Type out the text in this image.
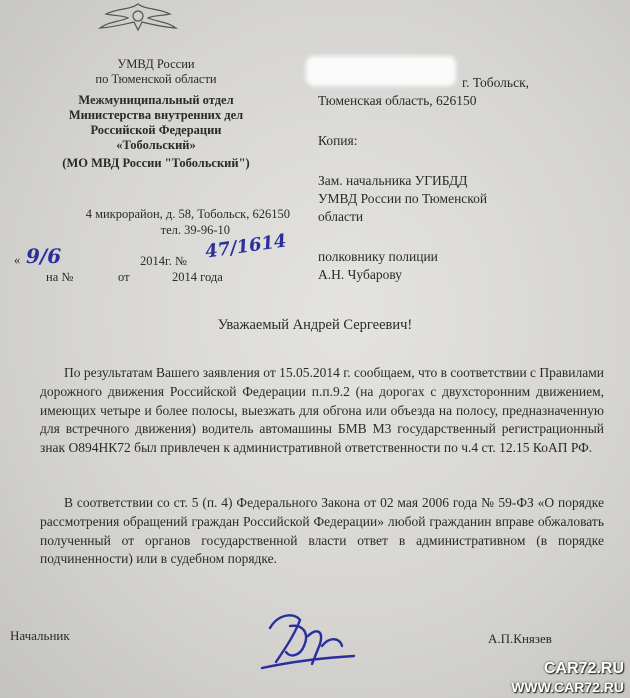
УМВД России
по Тюменской области
Межмуниципальный отдел
Министерства внутренних дел
Российской Федерации
«Тобольский»
(МО МВД России "Тобольский")
4 микрорайон, д. 58, Тобольск, 626150
тел. 39-96-10
9/6	47/1614
«	2014г. №
на №	от	2014 года
г. Тобольск,
Тюменская область, 626150
Копия:
Зам. начальника УГИБДД
УМВД России по Тюменской
области
полковнику полиции
А.Н. Чубарову
Уважаемый Андрей Сергеевич!
По результатам Вашего заявления от 15.05.2014 г. сообщаем, что в соответствии с Правилами дорожного движения Российской Федерации п.п.9.2 (на дорогах с двухсторонним движением, имеющих четыре и более полосы, выезжать для обгона или объезда на полосу, предназначенную для встречного движения) водитель автомашины БМВ М3 государственный регистрационный знак О894НК72 был привлечен к административной ответственности по ч.4 ст. 12.15 КоАП РФ.
В соответствии со ст. 5 (п. 4) Федерального Закона от 02 мая 2006 года № 59-ФЗ «О порядке рассмотрения обращений граждан Российской Федерации» любой гражданин вправе обжаловать полученный от органов государственной власти ответ в административном (в порядке подчиненности) или в судебном порядке.
Начальник	А.П.Князев
CAR72.RU
WWW.CAR72.RU
